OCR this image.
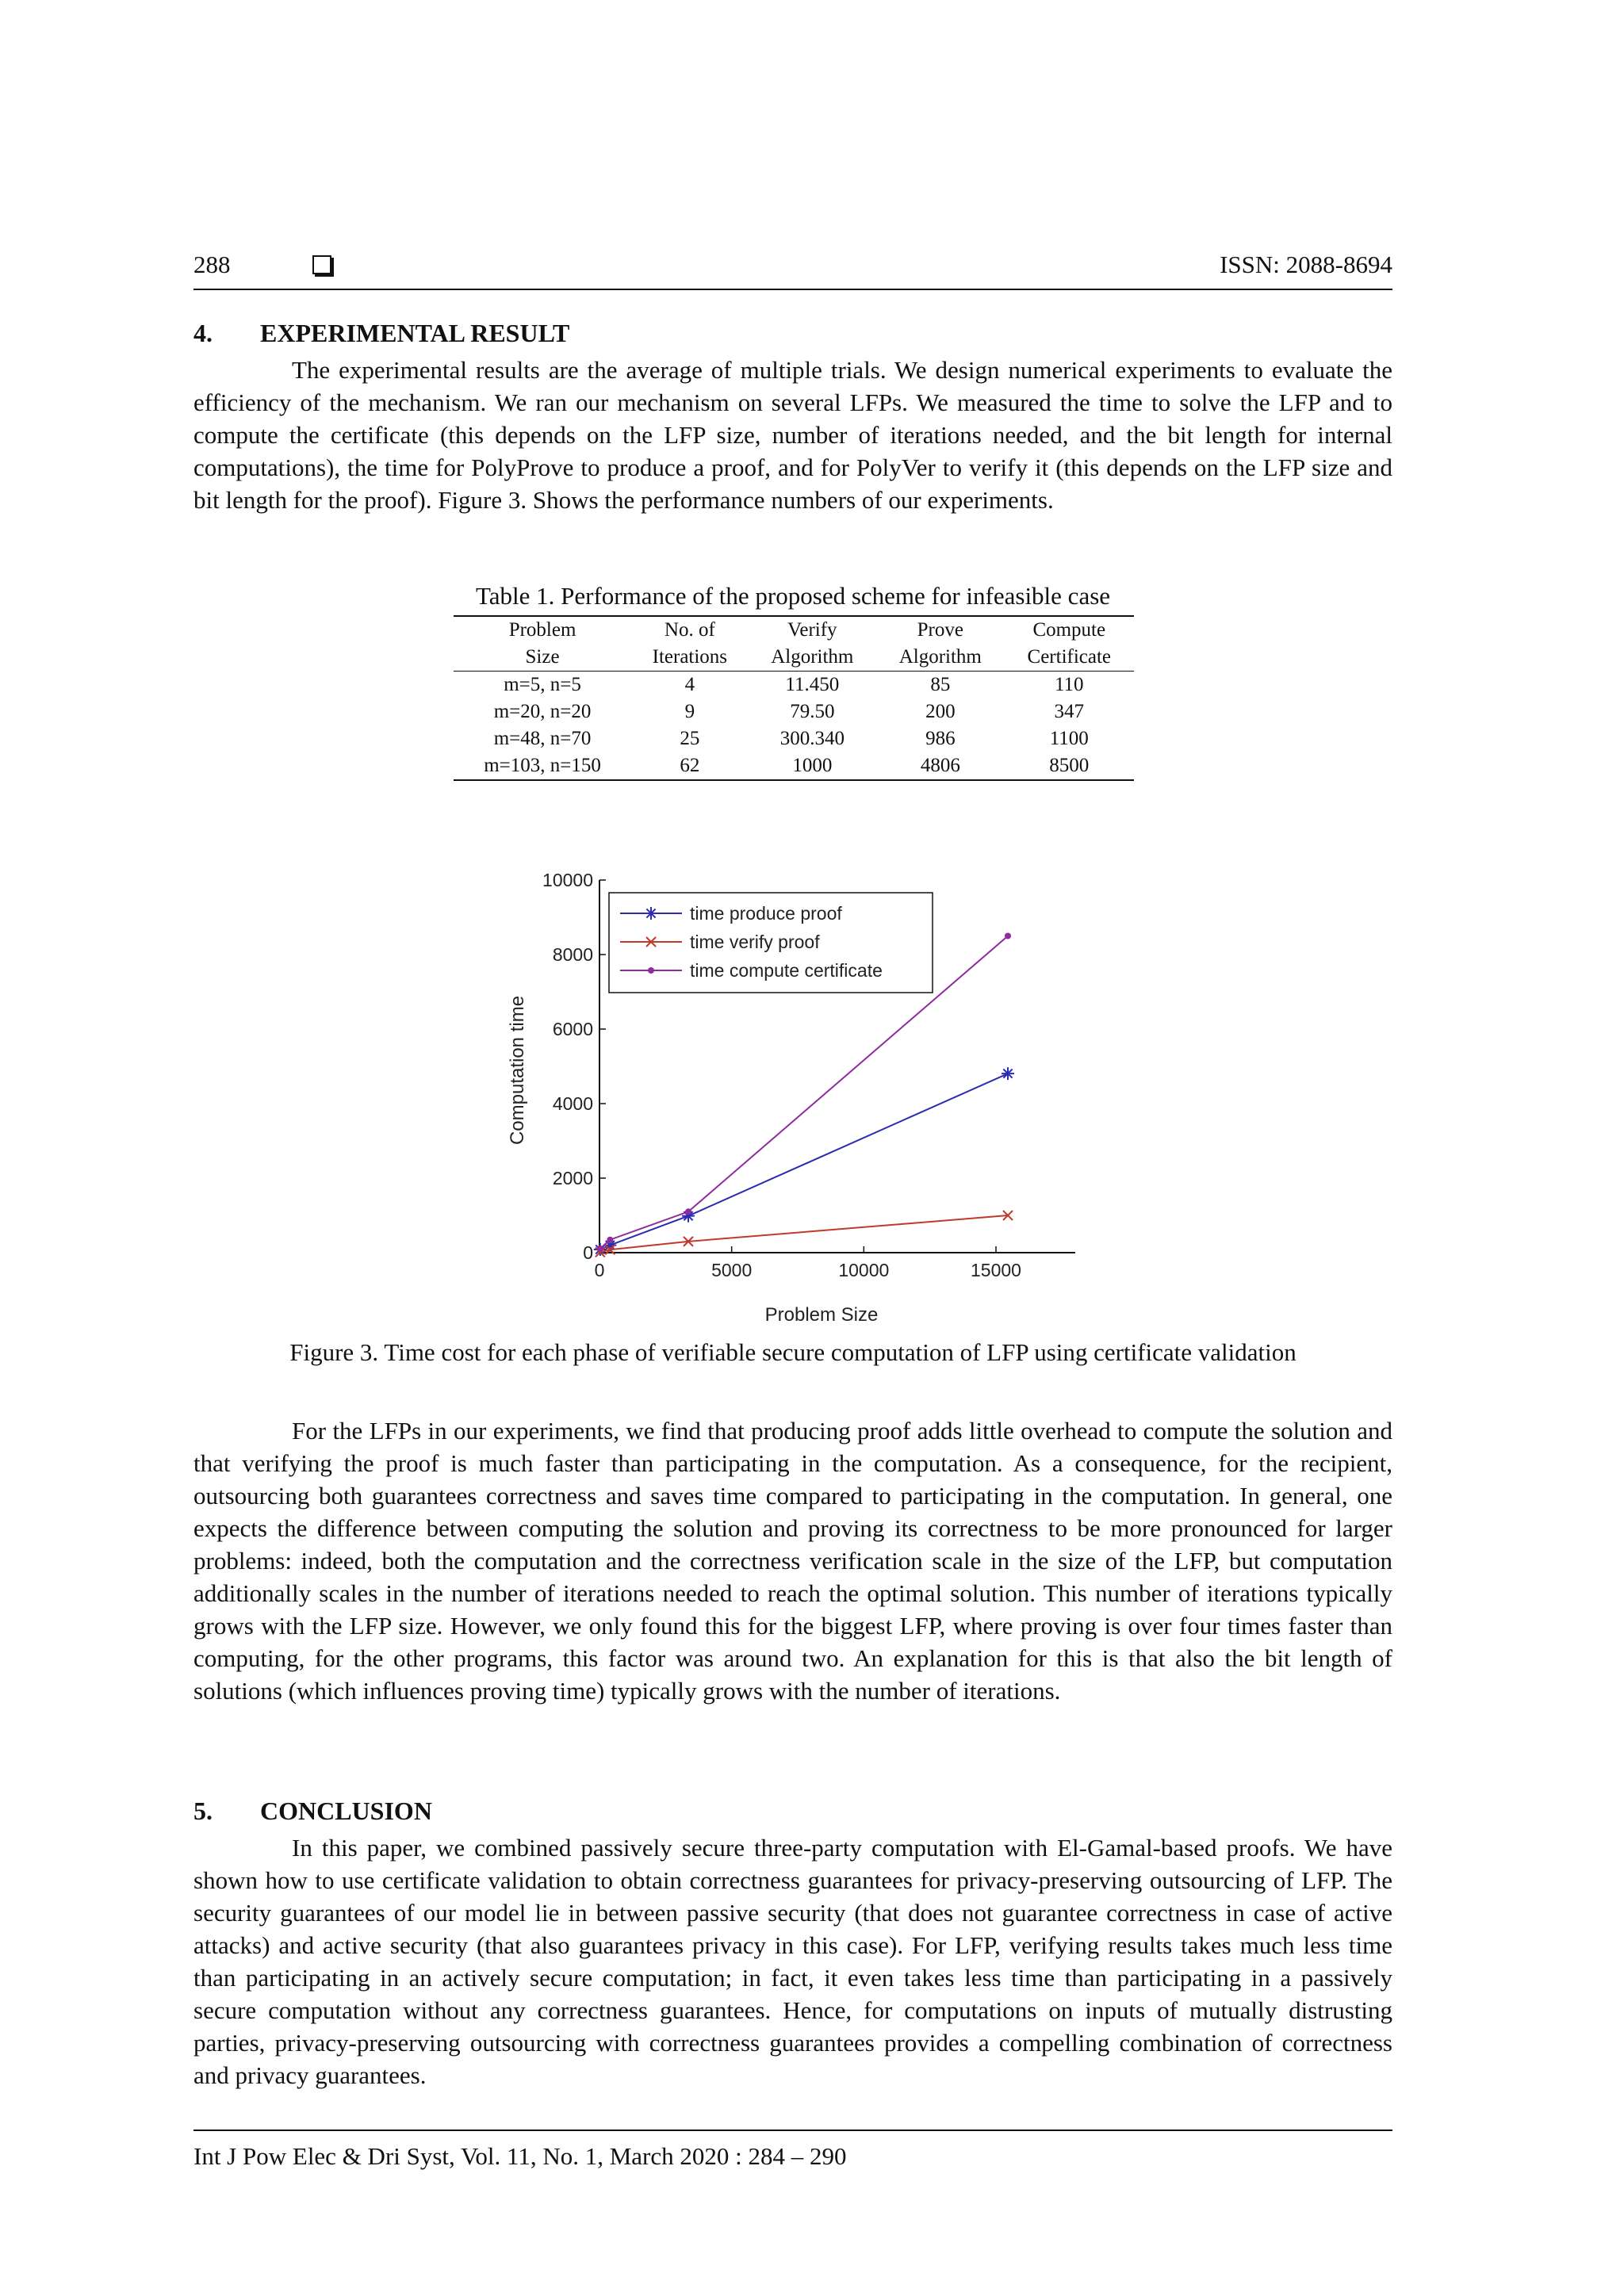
288	ISSN: 2088-8694
4. EXPERIMENTAL RESULT

The experimental results are the average of multiple trials. We design numerical experiments to evaluate the efficiency of the mechanism. We ran our mechanism on several LFPs. We measured the time to solve the LFP and to compute the certificate (this depends on the LFP size, number of iterations needed, and the bit length for internal computations), the time for PolyProve to produce a proof, and for PolyVer to verify it (this depends on the LFP size and bit length for the proof). Figure 3. Shows the performance numbers of our experiments.

Table 1. Performance of the proposed scheme for infeasible case
Problem	No. of	Verify	Prove	Compute
Size	Iterations	Algorithm	Algorithm	Certificate
m=5, n=5	4	11.450	85	110
m=20, n=20	9	79.50	200	347
m=48, n=70	25	300.340	986	1100
m=103, n=150	62	1000	4806	8500
0	5000	10000	15000
0
2000
4000
6000
8000
10000
time produce proof
time verify proof
time compute certificate
Computation time
Problem Size
Figure 3. Time cost for each phase of verifiable secure computation of LFP using certificate validation

For the LFPs in our experiments, we find that producing proof adds little overhead to compute the solution and that verifying the proof is much faster than participating in the computation. As a consequence, for the recipient, outsourcing both guarantees correctness and saves time compared to participating in the computation. In general, one expects the difference between computing the solution and proving its correctness to be more pronounced for larger problems: indeed, both the computation and the correctness verification scale in the size of the LFP, but computation additionally scales in the number of iterations needed to reach the optimal solution. This number of iterations typically grows with the LFP size. However, we only found this for the biggest LFP, where proving is over four times faster than computing, for the other programs, this factor was around two. An explanation for this is that also the bit length of solutions (which influences proving time) typically grows with the number of iterations.

5. CONCLUSION

In this paper, we combined passively secure three-party computation with El-Gamal-based proofs. We have shown how to use certificate validation to obtain correctness guarantees for privacy-preserving outsourcing of LFP. The security guarantees of our model lie in between passive security (that does not guarantee correctness in case of active attacks) and active security (that also guarantees privacy in this case). For LFP, verifying results takes much less time than participating in an actively secure computation; in fact, it even takes less time than participating in a passively secure computation without any correctness guarantees. Hence, for computations on inputs of mutually distrusting parties, privacy-preserving outsourcing with correctness guarantees provides a compelling combination of correctness and privacy guarantees.

Int J Pow Elec & Dri Syst, Vol. 11, No. 1, March 2020 : 284 – 290
